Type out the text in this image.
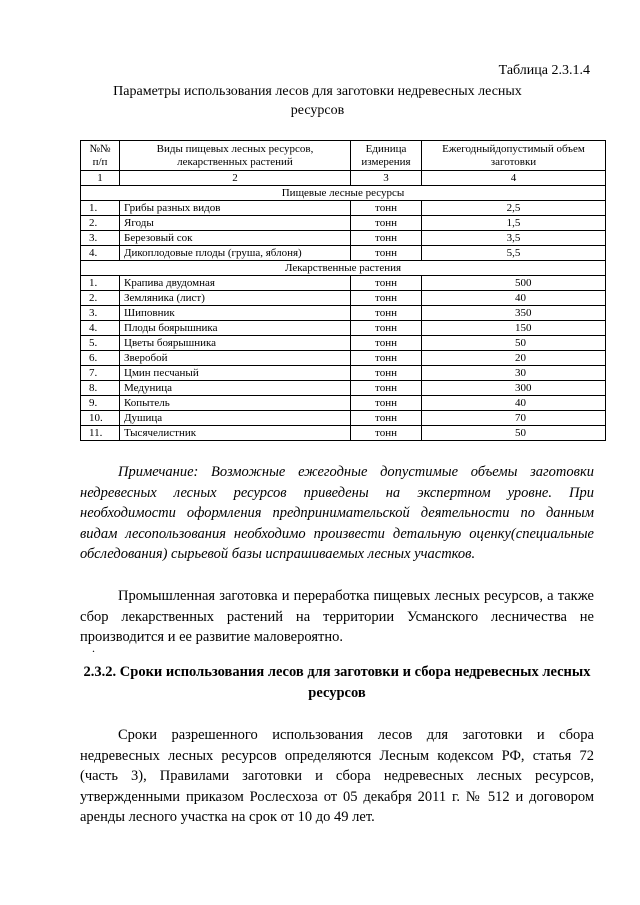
Таблица 2.3.1.4
Параметры использования лесов для заготовки недревесных лесных ресурсов
№№ п/п	Виды пищевых лесных ресурсов, лекарственных растений	Единица измерения	Ежегодныйдопустимый объем заготовки
1	2	3	4
Пищевые лесные ресурсы			
1.	Грибы разных видов	тонн	2,5
2.	Ягоды	тонн	1,5
3.	Березовый сок	тонн	3,5
4.	Дикоплодовые плоды (груша, яблоня)	тонн	5,5
Лекарственные растения			
1.	Крапива двудомная	тонн	500
2.	Земляника (лист)	тонн	40
3.	Шиповник	тонн	350
4.	Плоды боярышника	тонн	150
5.	Цветы боярышника	тонн	50
6.	Зверобой	тонн	20
7.	Цмин песчаный	тонн	30
8.	Медуница	тонн	300
9.	Копытель	тонн	40
10.	Душица	тонн	70
11.	Тысячелистник	тонн	50
Примечание: Возможные ежегодные допустимые объемы заготовки недревесных лесных ресурсов приведены на экспертном уровне. При необходимости оформления предпринимательской деятельности по данным видам лесопользования необходимо произвести детальную оценку(специальные обследования) сырьевой базы испрашиваемых лесных участков.
Промышленная заготовка и переработка пищевых лесных ресурсов, а также сбор лекарственных растений на территории Усманского лесничества не производится и ее развитие маловероятно.
.
2.3.2. Сроки использования лесов для заготовки и сбора недревесных лесных ресурсов
Сроки разрешенного использования лесов для заготовки и сбора недревесных лесных ресурсов определяются Лесным кодексом РФ, статья 72 (часть 3), Правилами заготовки и сбора недревесных лесных ресурсов, утвержденными приказом Рослесхоза от 05 декабря 2011 г. № 512 и договором аренды лесного участка на срок от 10 до 49 лет.
